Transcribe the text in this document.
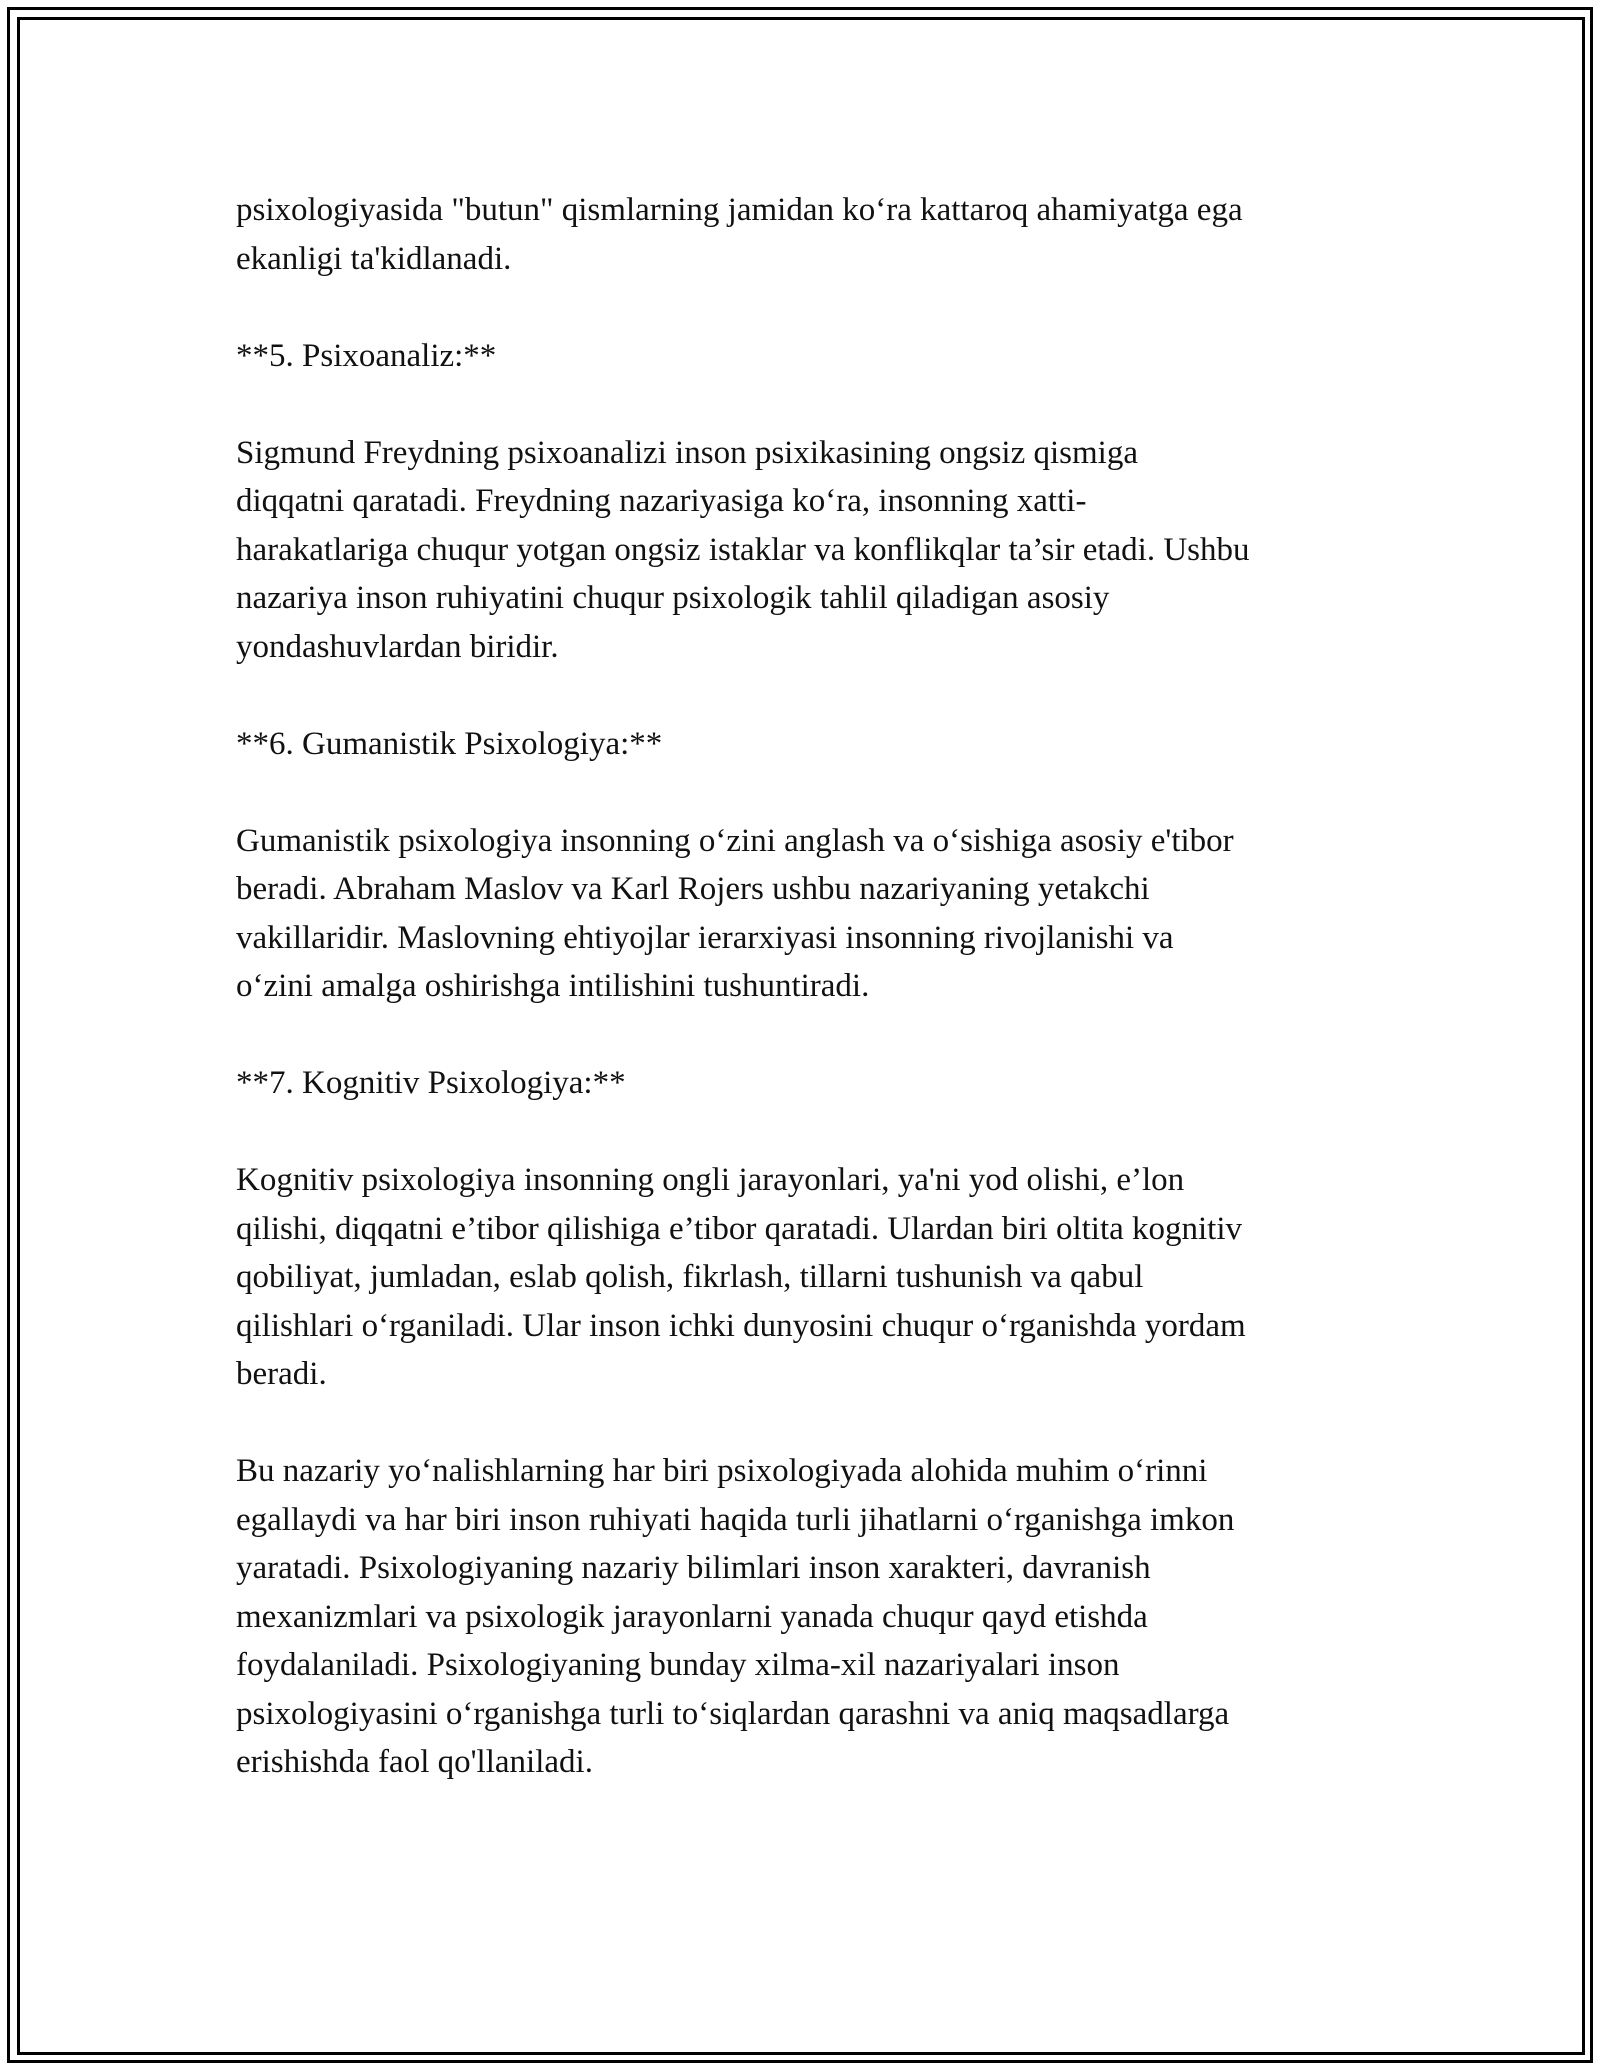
psixologiyasida "butun" qismlarning jamidan koʻra kattaroq ahamiyatga ega
ekanligi ta'kidlanadi.

**5. Psixoanaliz:**

Sigmund Freydning psixoanalizi inson psixikasining ongsiz qismiga
diqqatni qaratadi. Freydning nazariyasiga koʻra, insonning xatti-
harakatlariga chuqur yotgan ongsiz istaklar va konflikqlar ta’sir etadi. Ushbu
nazariya inson ruhiyatini chuqur psixologik tahlil qiladigan asosiy
yondashuvlardan biridir.

**6. Gumanistik Psixologiya:**

Gumanistik psixologiya insonning oʻzini anglash va oʻsishiga asosiy e'tibor
beradi. Abraham Maslov va Karl Rojers ushbu nazariyaning yetakchi
vakillaridir. Maslovning ehtiyojlar ierarxiyasi insonning rivojlanishi va
oʻzini amalga oshirishga intilishini tushuntiradi.

**7. Kognitiv Psixologiya:**

Kognitiv psixologiya insonning ongli jarayonlari, ya'ni yod olishi, e’lon
qilishi, diqqatni e’tibor qilishiga e’tibor qaratadi. Ulardan biri oltita kognitiv
qobiliyat, jumladan, eslab qolish, fikrlash, tillarni tushunish va qabul
qilishlari oʻrganiladi. Ular inson ichki dunyosini chuqur oʻrganishda yordam
beradi.

Bu nazariy yoʻnalishlarning har biri psixologiyada alohida muhim oʻrinni
egallaydi va har biri inson ruhiyati haqida turli jihatlarni oʻrganishga imkon
yaratadi. Psixologiyaning nazariy bilimlari inson xarakteri, davranish
mexanizmlari va psixologik jarayonlarni yanada chuqur qayd etishda
foydalaniladi. Psixologiyaning bunday xilma-xil nazariyalari inson
psixologiyasini oʻrganishga turli toʻsiqlardan qarashni va aniq maqsadlarga
erishishda faol qo'llaniladi.
